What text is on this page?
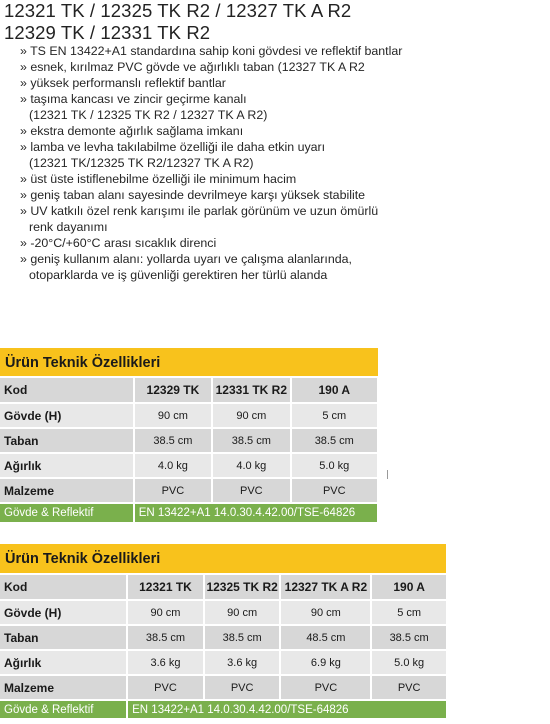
12321 TK / 12325 TK R2 / 12327 TK A R2
12329 TK / 12331 TK R2
» TS EN 13422+A1 standardına sahip koni gövdesi ve reflektif bantlar
» esnek, kırılmaz PVC gövde ve ağırlıklı taban (12327 TK A R2
» yüksek performanslı reflektif bantlar
» taşıma kancası ve zincir geçirme kanalı
(12321 TK / 12325 TK R2 / 12327 TK A R2)
» ekstra demonte ağırlık sağlama imkanı
» lamba ve levha takılabilme özelliği ile daha etkin uyarı
(12321 TK/12325 TK R2/12327 TK A R2)
» üst üste istiflenebilme özelliği ile minimum hacim
» geniş taban alanı sayesinde devrilmeye karşı yüksek stabilite
» UV katkılı özel renk karışımı ile parlak görünüm ve uzun ömürlü
renk dayanımı
» -20°C/+60°C arası sıcaklık direnci
» geniş kullanım alanı: yollarda uyarı ve çalışma alanlarında,
otoparklarda ve iş güvenliği gerektiren her türlü alanda
Ürün Teknik Özellikleri
Kod	12329 TK	12331 TK R2	190 A
Gövde (H)	90 cm	90 cm	5 cm
Taban	38.5 cm	38.5 cm	38.5 cm
Ağırlık	4.0 kg	4.0 kg	5.0 kg
Malzeme	PVC	PVC	PVC
Gövde & Reflektif	EN 13422+A1 14.0.30.4.42.00/TSE-64826		
Ürün Teknik Özellikleri
Kod	12321 TK	12325 TK R2	12327 TK A R2	190 A
Gövde (H)	90 cm	90 cm	90 cm	5 cm
Taban	38.5 cm	38.5 cm	48.5 cm	38.5 cm
Ağırlık	3.6 kg	3.6 kg	6.9 kg	5.0 kg
Malzeme	PVC	PVC	PVC	PVC
Gövde & Reflektif	EN 13422+A1 14.0.30.4.42.00/TSE-64826			
